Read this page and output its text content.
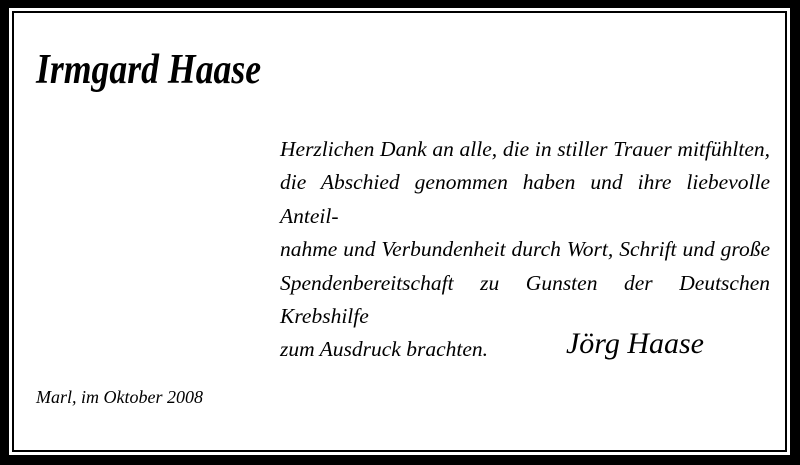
Irmgard Haase
Herzlichen Dank an alle, die in stiller Trauer mitfühlten,
die Abschied genommen haben und ihre liebevolle Anteil-
nahme und Verbundenheit durch Wort, Schrift und große
Spendenbereitschaft zu Gunsten der Deutschen Krebshilfe
zum Ausdruck brachten.	Jörg Haase
Marl, im Oktober 2008
